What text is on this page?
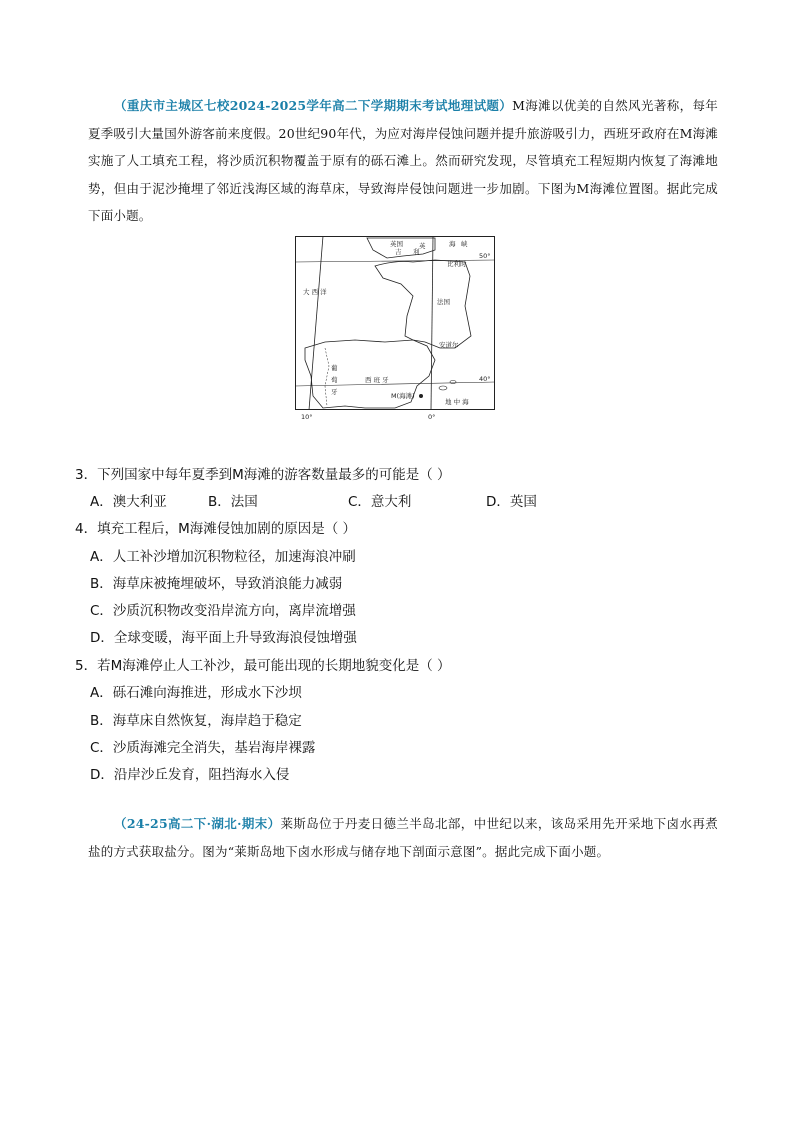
（重庆市主城区七校2024-2025学年高二下学期期末考试地理试题）M海滩以优美的自然风光著称，每年夏季吸引大量国外游客前来度假。20世纪90年代，为应对海岸侵蚀问题并提升旅游吸引力，西班牙政府在M海滩实施了人工填充工程，将沙质沉积物覆盖于原有的砾石滩上。然而研究发现，尽管填充工程短期内恢复了海滩地势，但由于泥沙掩埋了邻近浅海区域的海草床，导致海岸侵蚀问题进一步加剧。下图为M海滩位置图。据此完成下面小题。
英国 英
吉 利
海 峡
比利时
大 西 洋
法国
安道尔
葡
萄
牙
西 班 牙
M(海滩)
地 中 海
50°
40°
10°	0°
3．下列国家中每年夏季到M海滩的游客数量最多的可能是（ ）
A．澳大利亚	B．法国	C．意大利	D．英国
4．填充工程后，M海滩侵蚀加剧的原因是（ ）
A．人工补沙增加沉积物粒径，加速海浪冲刷
B．海草床被掩埋破坏，导致消浪能力减弱
C．沙质沉积物改变沿岸流方向，离岸流增强
D．全球变暖，海平面上升导致海浪侵蚀增强
5．若M海滩停止人工补沙，最可能出现的长期地貌变化是（ ）
A．砾石滩向海推进，形成水下沙坝
B．海草床自然恢复，海岸趋于稳定
C．沙质海滩完全消失，基岩海岸裸露
D．沿岸沙丘发育，阻挡海水入侵
（24-25高二下·湖北·期末）莱斯岛位于丹麦日德兰半岛北部，中世纪以来，该岛采用先开采地下卤水再煮盐的方式获取盐分。图为“莱斯岛地下卤水形成与储存地下剖面示意图”。据此完成下面小题。
